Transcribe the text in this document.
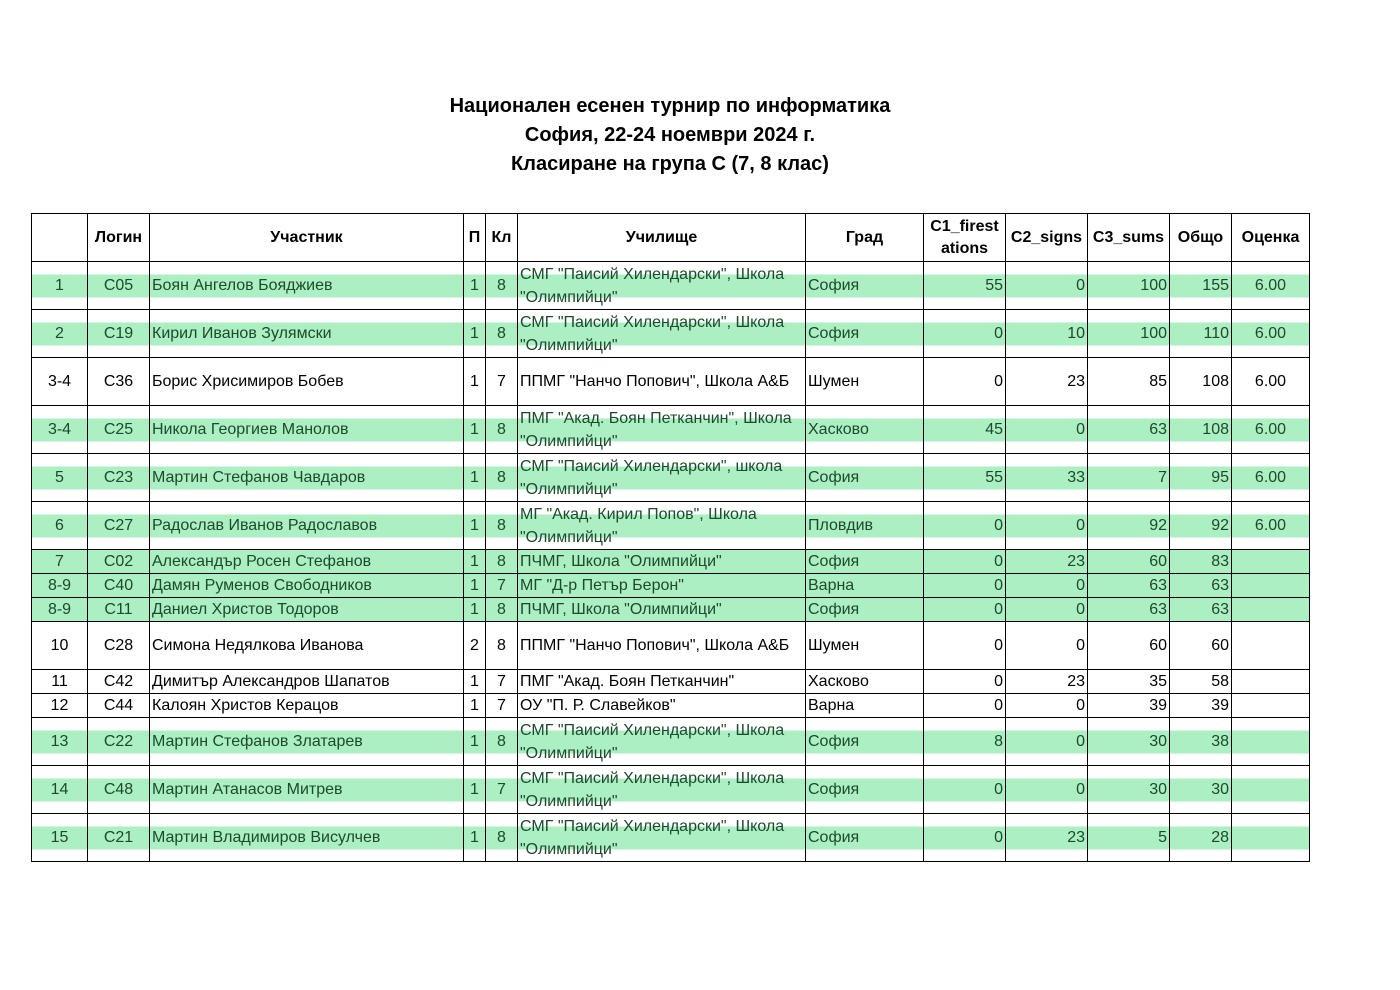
Национален есенен турнир по информатика
София, 22-24 ноември 2024 г.
Класиране на група C (7, 8 клас)
	Логин	Участник	П	Кл	Училище	Град	C1_firest ations	C2_signs	C3_sums	Общо	Оценка
1	C05	Боян Ангелов Бояджиев	1	8	СМГ "Паисий Хилендарски", Школа "Олимпийци"	София	55	0	100	155	6.00
2	C19	Кирил Иванов Зулямски	1	8	СМГ "Паисий Хилендарски", Школа "Олимпийци"	София	0	10	100	110	6.00
3-4	C36	Борис Хрисимиров Бобев	1	7	ППМГ "Нанчо Попович", Школа А&Б	Шумен	0	23	85	108	6.00
3-4	C25	Никола Георгиев Манолов	1	8	ПМГ "Акад. Боян Петканчин", Школа "Олимпийци"	Хасково	45	0	63	108	6.00
5	C23	Мартин Стефанов Чавдаров	1	8	СМГ "Паисий Хилендарски", школа "Олимпийци"	София	55	33	7	95	6.00
6	C27	Радослав Иванов Радославов	1	8	МГ "Акад. Кирил Попов", Школа "Олимпийци"	Пловдив	0	0	92	92	6.00
7	C02	Александър Росен Стефанов	1	8	ПЧМГ, Школа "Олимпийци"	София	0	23	60	83	
8-9	C40	Дамян Руменов Свободников	1	7	МГ "Д-р Петър Берон"	Варна	0	0	63	63	
8-9	C11	Даниел Христов Тодоров	1	8	ПЧМГ, Школа "Олимпийци"	София	0	0	63	63	
10	C28	Симона Недялкова Иванова	2	8	ППМГ "Нанчо Попович", Школа А&Б	Шумен	0	0	60	60	
11	C42	Димитър Александров Шапатов	1	7	ПМГ "Акад. Боян Петканчин"	Хасково	0	23	35	58	
12	C44	Калоян Христов Керацов	1	7	ОУ "П. Р. Славейков"	Варна	0	0	39	39	
13	C22	Мартин Стефанов Златарев	1	8	СМГ "Паисий Хилендарски", Школа "Олимпийци"	София	8	0	30	38	
14	C48	Мартин Атанасов Митрев	1	7	СМГ "Паисий Хилендарски", Школа "Олимпийци"	София	0	0	30	30	
15	C21	Мартин Владимиров Висулчев	1	8	СМГ "Паисий Хилендарски", Школа "Олимпийци"	София	0	23	5	28	
